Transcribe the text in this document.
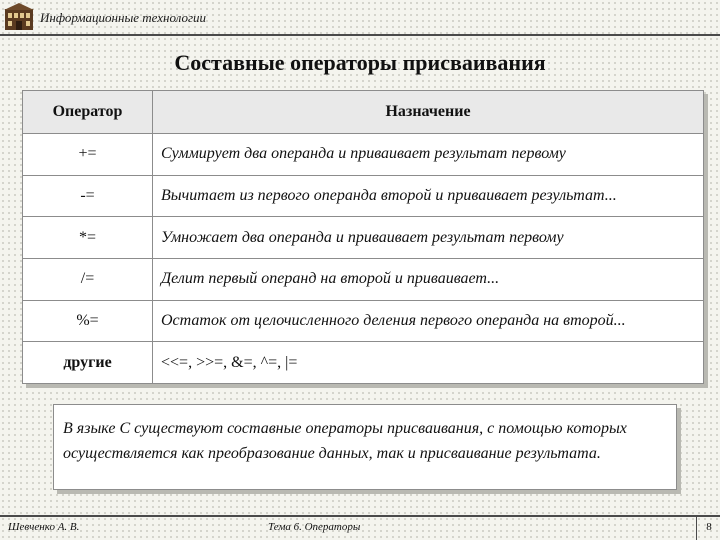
Информационные технологии
Составные операторы присваивания
Оператор	Назначение
+=	Суммирует два операнда и приваивает результат первому
-=	Вычитает из первого операнда второй и приваивает результат...
*=	Умножает два операнда и приваивает результат первому
/=	Делит первый операнд на второй и приваивает...
%=	Остаток от целочисленного деления первого операнда на второй...
другие	<<=, >>=, &=, ^=, |=
В языке С существуют составные операторы присваивания, с помощью которых осуществляется как преобразование данных, так и присваивание результата.
Шевченко А. В.	Тема 6. Операторы	8
